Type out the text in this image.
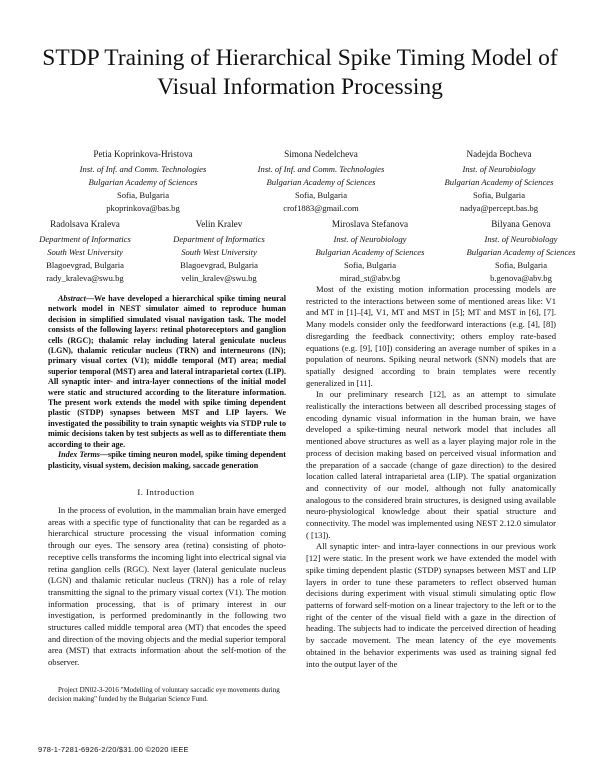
STDP Training of Hierarchical Spike Timing Model of Visual Information Processing
Petia Koprinkova-Hristova
Inst. of Inf. and Comm. Technologies
Bulgarian Academy of Sciences
Sofia, Bulgaria
pkoprinkova@bas.bg
Simona Nedelcheva
Inst. of Inf. and Comm. Technologies
Bulgarian Academy of Sciences
Sofia, Bulgaria
crof1883@gmail.com
Nadejda Bocheva
Inst. of Neurobiology
Bulgarian Academy of Sciences
Sofia, Bulgaria
nadya@percept.bas.bg
Radolsava Kraleva
Department of Informatics
South West University
Blagoevgrad, Bulgaria
rady_kraleva@swu.bg
Velin Kralev
Department of Informatics
South West University
Blagoevgrad, Bulgaria
velin_kralev@swu.bg
Miroslava Stefanova
Inst. of Neurobiology
Bulgarian Academy of Sciences
Sofia, Bulgaria
mirad_st@abv.bg
Bilyana Genova
Inst. of Neurobiology
Bulgarian Academy of Sciences
Sofia, Bulgaria
b.genova@abv.bg

Abstract—We have developed a hierarchical spike timing neural network model in NEST simulator aimed to reproduce human decision in simplified simulated visual navigation task. The model consists of the following layers: retinal photoreceptors and ganglion cells (RGC); thalamic relay including lateral geniculate nucleus (LGN), thalamic reticular nucleus (TRN) and interneurons (IN); primary visual cortex (V1); middle temporal (MT) area; medial superior temporal (MST) area and lateral intraparietal cortex (LIP). All synaptic inter- and intra-layer connections of the initial model were static and structured according to the literature information. The present work extends the model with spike timing dependent plastic (STDP) synapses between MST and LIP layers. We investigated the possibility to train synaptic weights via STDP rule to mimic decisions taken by test subjects as well as to differentiate them according to their age.

Index Terms—spike timing neuron model, spike timing dependent plasticity, visual system, decision making, saccade generation

I. Introduction

In the process of evolution, in the mammalian brain have emerged areas with a specific type of functionality that can be regarded as a hierarchical structure processing the visual information coming through our eyes. The sensory area (retina) consisting of photo-receptive cells transforms the incoming light into electrical signal via retina ganglion cells (RGC). Next layer (lateral geniculate nucleus (LGN) and thalamic reticular nucleus (TRN)) has a role of relay transmitting the signal to the primary visual cortex (V1). The motion information processing, that is of primary interest in our investigation, is performed predominantly in the following two structures called middle temporal area (MT) that encodes the speed and direction of the moving objects and the medial superior temporal area (MST) that extracts information about the self-motion of the observer.

Project DN02-3-2016 "Modelling of voluntary saccadic eye movements during decision making" funded by the Bulgarian Science Fund.

Most of the existing motion information processing models are restricted to the interactions between some of mentioned areas like: V1 and MT in [1]–[4], V1, MT and MST in [5]; MT and MST in [6], [7]. Many models consider only the feedforward interactions (e.g. [4], [8]) disregarding the feedback connectivity; others employ rate-based equations (e.g. [9], [10]) considering an average number of spikes in a population of neurons. Spiking neural network (SNN) models that are spatially designed according to brain templates were recently generalized in [11].

In our preliminary research [12], as an attempt to simulate realistically the interactions between all described processing stages of encoding dynamic visual information in the human brain, we have developed a spike-timing neural network model that includes all mentioned above structures as well as a layer playing major role in the process of decision making based on perceived visual information and the preparation of a saccade (change of gaze direction) to the desired location called lateral intraparietal area (LIP). The spatial organization and connectivity of our model, although not fully anatomically analogous to the considered brain structures, is designed using available neuro-physiological knowledge about their spatial structure and connectivity. The model was implemented using NEST 2.12.0 simulator ( [13]).

All synaptic inter- and intra-layer connections in our previous work [12] were static. In the present work we have extended the model with spike timing dependent plastic (STDP) synapses between MST and LIP layers in order to tune these parameters to reflect observed human decisions during experiment with visual stimuli simulating optic flow patterns of forward self-motion on a linear trajectory to the left or to the right of the center of the visual field with a gaze in the direction of heading. The subjects had to indicate the perceived direction of heading by saccade movement. The mean latency of the eye movements obtained in the behavior experiments was used as training signal fed into the output layer of the

978-1-7281-6926-2/20/$31.00 ©2020 IEEE
